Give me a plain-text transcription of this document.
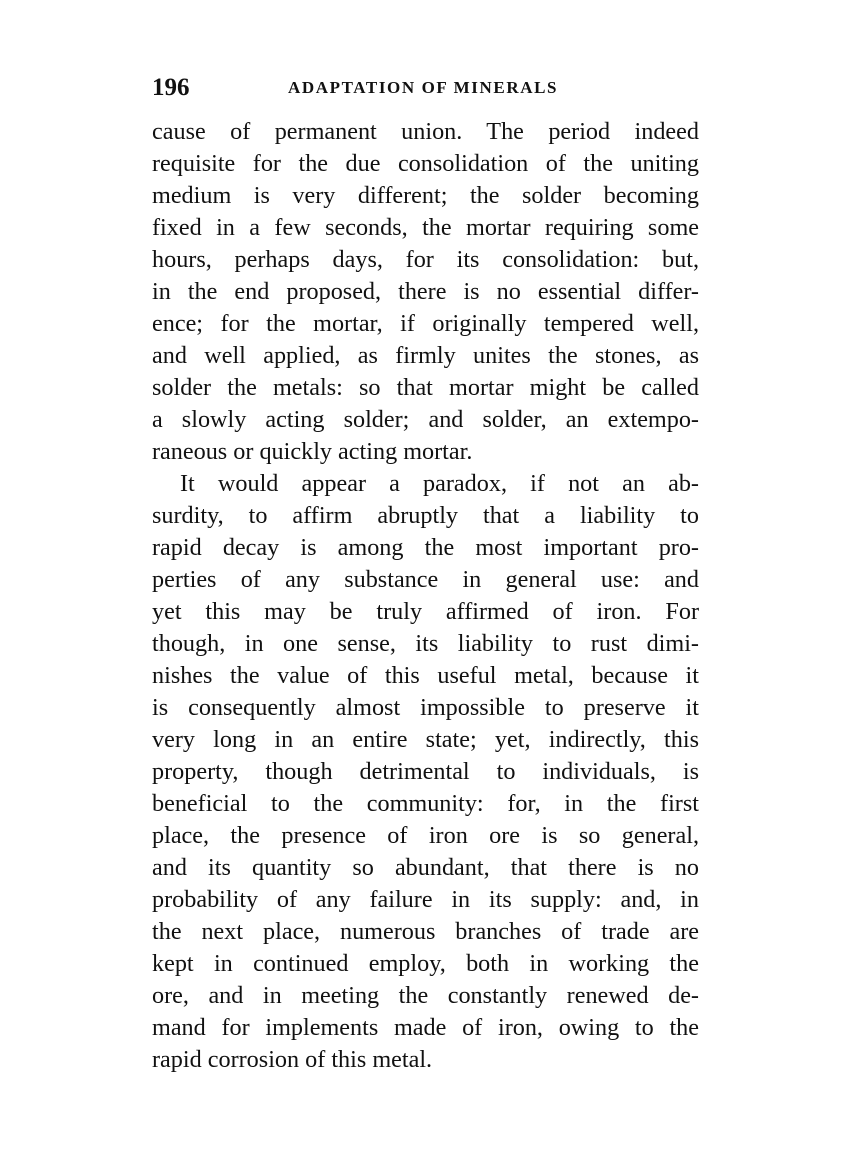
196	ADAPTATION OF MINERALS
cause of permanent union. The period indeed
requisite for the due consolidation of the uniting
medium is very different; the solder becoming
fixed in a few seconds, the mortar requiring some
hours, perhaps days, for its consolidation: but,
in the end proposed, there is no essential differ-
ence; for the mortar, if originally tempered well,
and well applied, as firmly unites the stones, as
solder the metals: so that mortar might be called
a slowly acting solder; and solder, an extempo-
raneous or quickly acting mortar.
It would appear a paradox, if not an ab-
surdity, to affirm abruptly that a liability to
rapid decay is among the most important pro-
perties of any substance in general use: and
yet this may be truly affirmed of iron. For
though, in one sense, its liability to rust dimi-
nishes the value of this useful metal, because it
is consequently almost impossible to preserve it
very long in an entire state; yet, indirectly, this
property, though detrimental to individuals, is
beneficial to the community: for, in the first
place, the presence of iron ore is so general,
and its quantity so abundant, that there is no
probability of any failure in its supply: and, in
the next place, numerous branches of trade are
kept in continued employ, both in working the
ore, and in meeting the constantly renewed de-
mand for implements made of iron, owing to the
rapid corrosion of this metal.
